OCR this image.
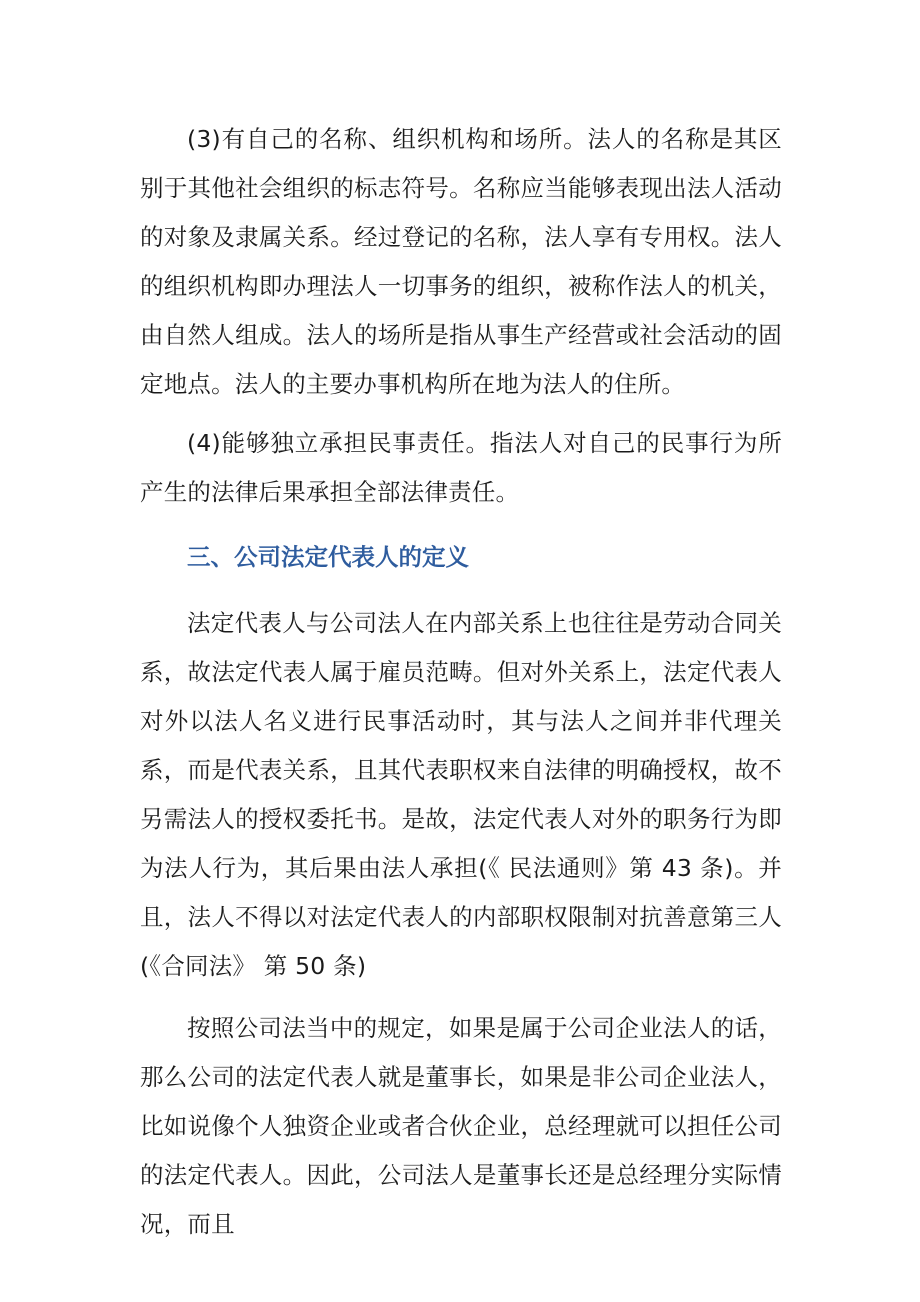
(3)有自己的名称、组织机构和场所。法人的名称是其区别于其他社会组织的标志符号。名称应当能够表现出法人活动的对象及隶属关系。经过登记的名称，法人享有专用权。法人的组织机构即办理法人一切事务的组织，被称作法人的机关，由自然人组成。法人的场所是指从事生产经营或社会活动的固定地点。法人的主要办事机构所在地为法人的住所。

(4)能够独立承担民事责任。指法人对自己的民事行为所产生的法律后果承担全部法律责任。

三、公司法定代表人的定义

法定代表人与公司法人在内部关系上也往往是劳动合同关系，故法定代表人属于雇员范畴。但对外关系上，法定代表人对外以法人名义进行民事活动时，其与法人之间并非代理关系，而是代表关系，且其代表职权来自法律的明确授权，故不另需法人的授权委托书。是故，法定代表人对外的职务行为即为法人行为，其后果由法人承担(《 民法通则》第 43 条)。并且，法人不得以对法定代表人的内部职权限制对抗善意第三人(《合同法》 第 50 条)

按照公司法当中的规定，如果是属于公司企业法人的话，那么公司的法定代表人就是董事长，如果是非公司企业法人，比如说像个人独资企业或者合伙企业，总经理就可以担任公司的法定代表人。因此，公司法人是董事长还是总经理分实际情况，而且
